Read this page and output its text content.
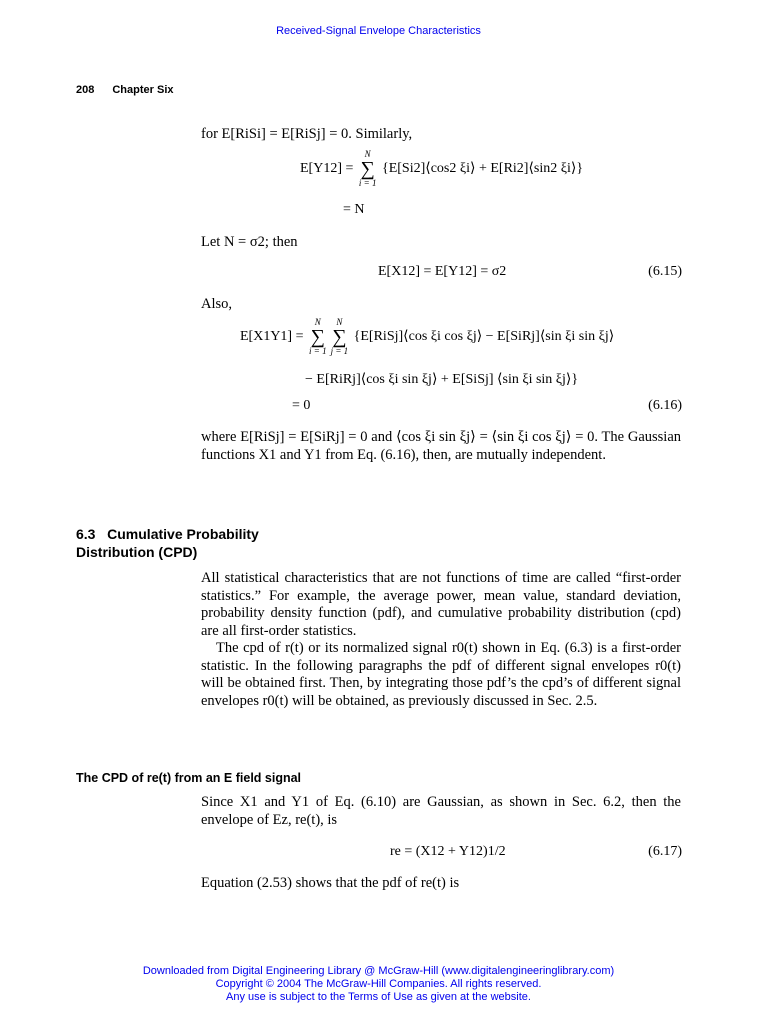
Received-Signal Envelope Characteristics
208 Chapter Six
for E[RiSi] = E[RiSj] = 0. Similarly,
E[Y12] =
N
∑
i = 1
{E[Si2]⟨cos2 ξi⟩ + E[Ri2]⟨sin2 ξi⟩}
= N
Let N = σ2; then
E[X12] = E[Y12] = σ2	(6.15)
Also,
E[X1Y1] =
N
∑
i = 1
N
∑
j = 1
{E[RiSj]⟨cos ξi cos ξj⟩ − E[SiRj]⟨sin ξi sin ξj⟩
− E[RiRj]⟨cos ξi sin ξj⟩ + E[SiSj] ⟨sin ξi sin ξj⟩}
= 0	(6.16)
where E[RiSj] = E[SiRj] = 0 and ⟨cos ξi sin ξj⟩ = ⟨sin ξi cos ξj⟩ = 0. The Gaussian functions X1 and Y1 from Eq. (6.16), then, are mutually independent.
6.3 Cumulative Probability
Distribution (CPD)
All statistical characteristics that are not functions of time are called “first-order statistics.” For example, the average power, mean value, standard deviation, probability density function (pdf), and cumulative probability distribution (cpd) are all first-order statistics.
The cpd of r(t) or its normalized signal r0(t) shown in Eq. (6.3) is a first-order statistic. In the following paragraphs the pdf of different signal envelopes r0(t) will be obtained first. Then, by integrating those pdf’s the cpd’s of different signal envelopes r0(t) will be obtained, as previously discussed in Sec. 2.5.
The CPD of re(t) from an E field signal
Since X1 and Y1 of Eq. (6.10) are Gaussian, as shown in Sec. 6.2, then the envelope of Ez, re(t), is
re = (X12 + Y12)1/2	(6.17)
Equation (2.53) shows that the pdf of re(t) is
Downloaded from Digital Engineering Library @ McGraw-Hill (www.digitalengineeringlibrary.com)
Copyright © 2004 The McGraw-Hill Companies. All rights reserved.
Any use is subject to the Terms of Use as given at the website.
